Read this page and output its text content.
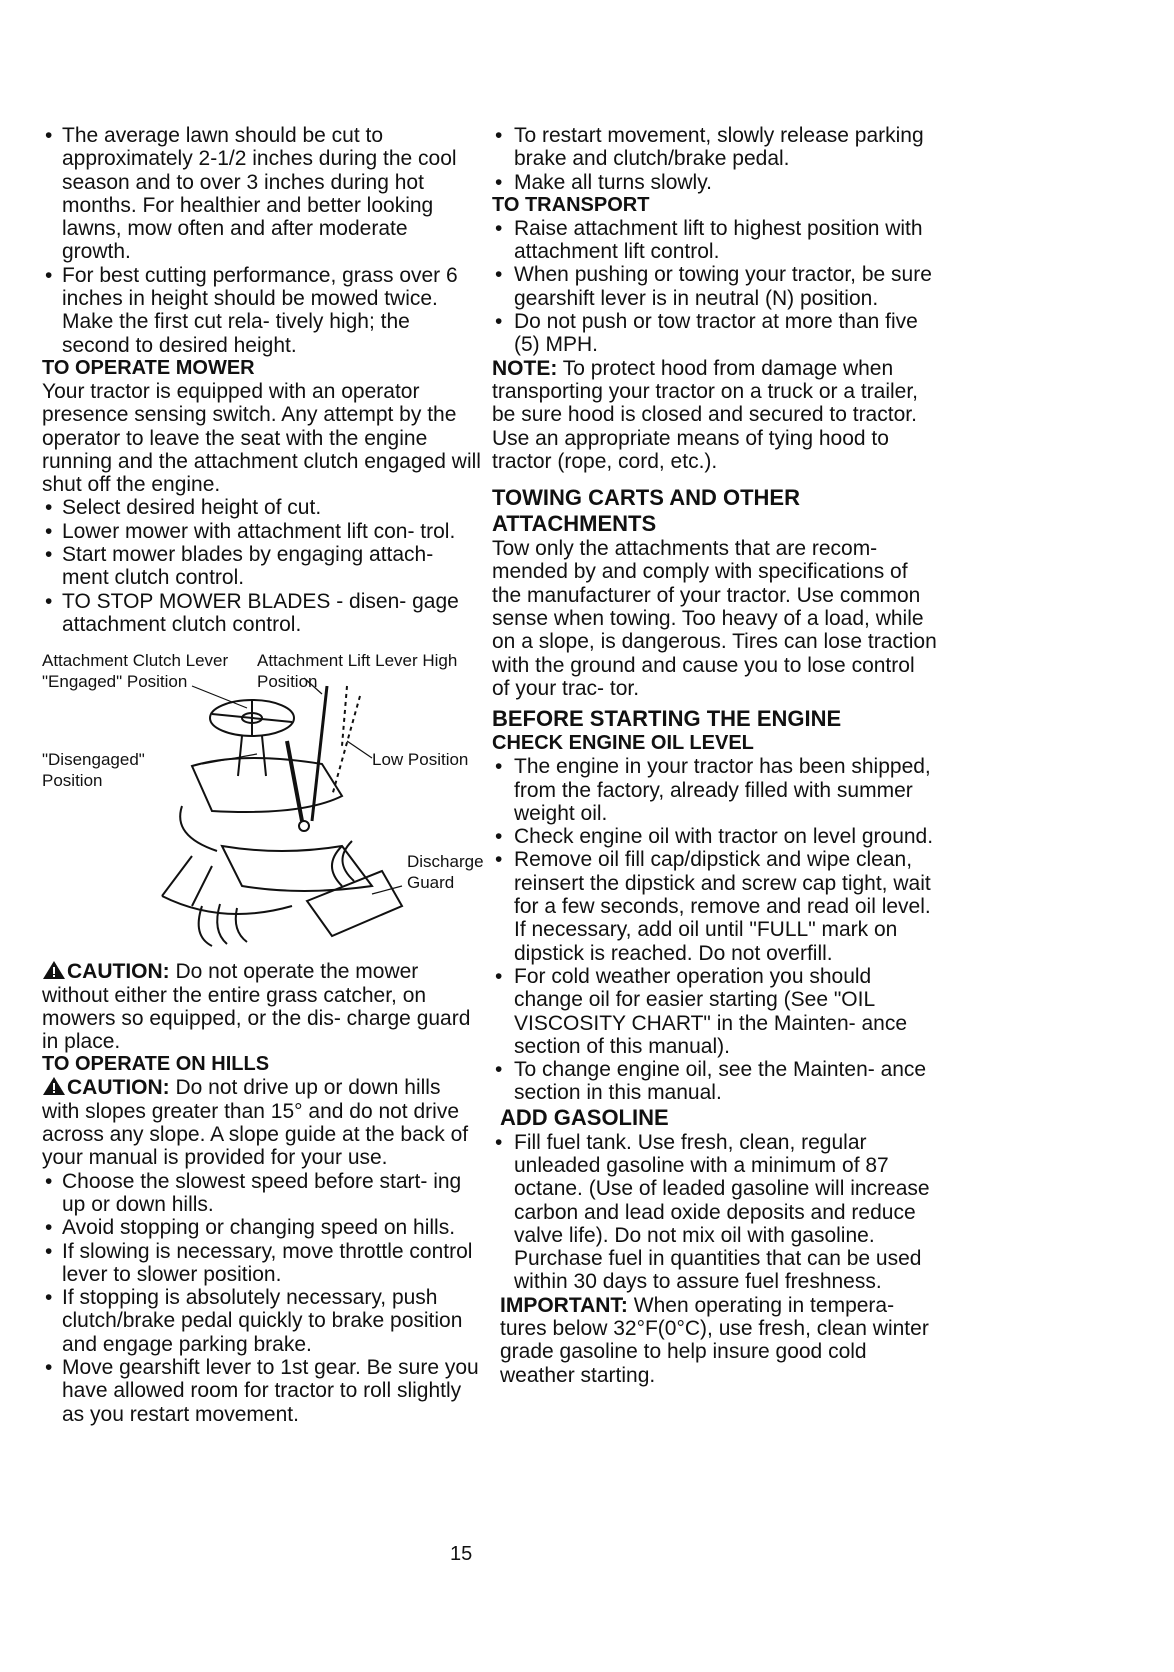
• The average lawn should be cut to approximately 2-1/2 inches during the cool season and to over 3 inches during hot months. For healthier and better looking lawns, mow often and after moderate growth.
• For best cutting performance, grass over 6 inches in height should be mowed twice. Make the first cut rela- tively high; the second to desired height.
TO OPERATE MOWER

Your tractor is equipped with an operator presence sensing switch. Any attempt by the operator to leave the seat with the engine running and the attachment clutch engaged will shut off the engine.

• Select desired height of cut.
• Lower mower with attachment lift con- trol.
• Start mower blades by engaging attach- ment clutch control.
• TO STOP MOWER BLADES - disen- gage attachment clutch control.
Attachment Clutch Lever "Engaged" Position
Attachment Lift Lever High Position
"Disengaged" Position
Low Position
Discharge Guard

CAUTION: Do not operate the mower without either the entire grass catcher, on mowers so equipped, or the dis- charge guard in place.

TO OPERATE ON HILLS

CAUTION: Do not drive up or down hills with slopes greater than 15° and do not drive across any slope. A slope guide at the back of your manual is provided for your use.

• Choose the slowest speed before start- ing up or down hills.
• Avoid stopping or changing speed on hills.
• If slowing is necessary, move throttle control lever to slower position.
• If stopping is absolutely necessary, push clutch/brake pedal quickly to brake position and engage parking brake.
• Move gearshift lever to 1st gear. Be sure you have allowed room for tractor to roll slightly as you restart movement.
• To restart movement, slowly release parking brake and clutch/brake pedal.
• Make all turns slowly.
TO TRANSPORT
• Raise attachment lift to highest position with attachment lift control.
• When pushing or towing your tractor, be sure gearshift lever is in neutral (N) position.
• Do not push or tow tractor at more than five (5) MPH.

NOTE: To protect hood from damage when transporting your tractor on a truck or a trailer, be sure hood is closed and secured to tractor. Use an appropriate means of tying hood to tractor (rope, cord, etc.).

TOWING CARTS AND OTHER ATTACHMENTS

Tow only the attachments that are recom- mended by and comply with specifications of the manufacturer of your tractor. Use common sense when towing. Too heavy of a load, while on a slope, is dangerous. Tires can lose traction with the ground and cause you to lose control of your trac- tor.

BEFORE STARTING THE ENGINE
CHECK ENGINE OIL LEVEL
• The engine in your tractor has been shipped, from the factory, already filled with summer weight oil.
• Check engine oil with tractor on level ground.
• Remove oil fill cap/dipstick and wipe clean, reinsert the dipstick and screw cap tight, wait for a few seconds, remove and read oil level. If necessary, add oil until "FULL" mark on dipstick is reached. Do not overfill.
• For cold weather operation you should change oil for easier starting (See "OIL VISCOSITY CHART" in the Mainten- ance section of this manual).
• To change engine oil, see the Mainten- ance section in this manual.
ADD GASOLINE
• Fill fuel tank. Use fresh, clean, regular unleaded gasoline with a minimum of 87 octane. (Use of leaded gasoline will increase carbon and lead oxide deposits and reduce valve life). Do not mix oil with gasoline. Purchase fuel in quantities that can be used within 30 days to assure fuel freshness.

IMPORTANT: When operating in tempera- tures below 32°F(0°C), use fresh, clean winter grade gasoline to help insure good cold weather starting.

15
